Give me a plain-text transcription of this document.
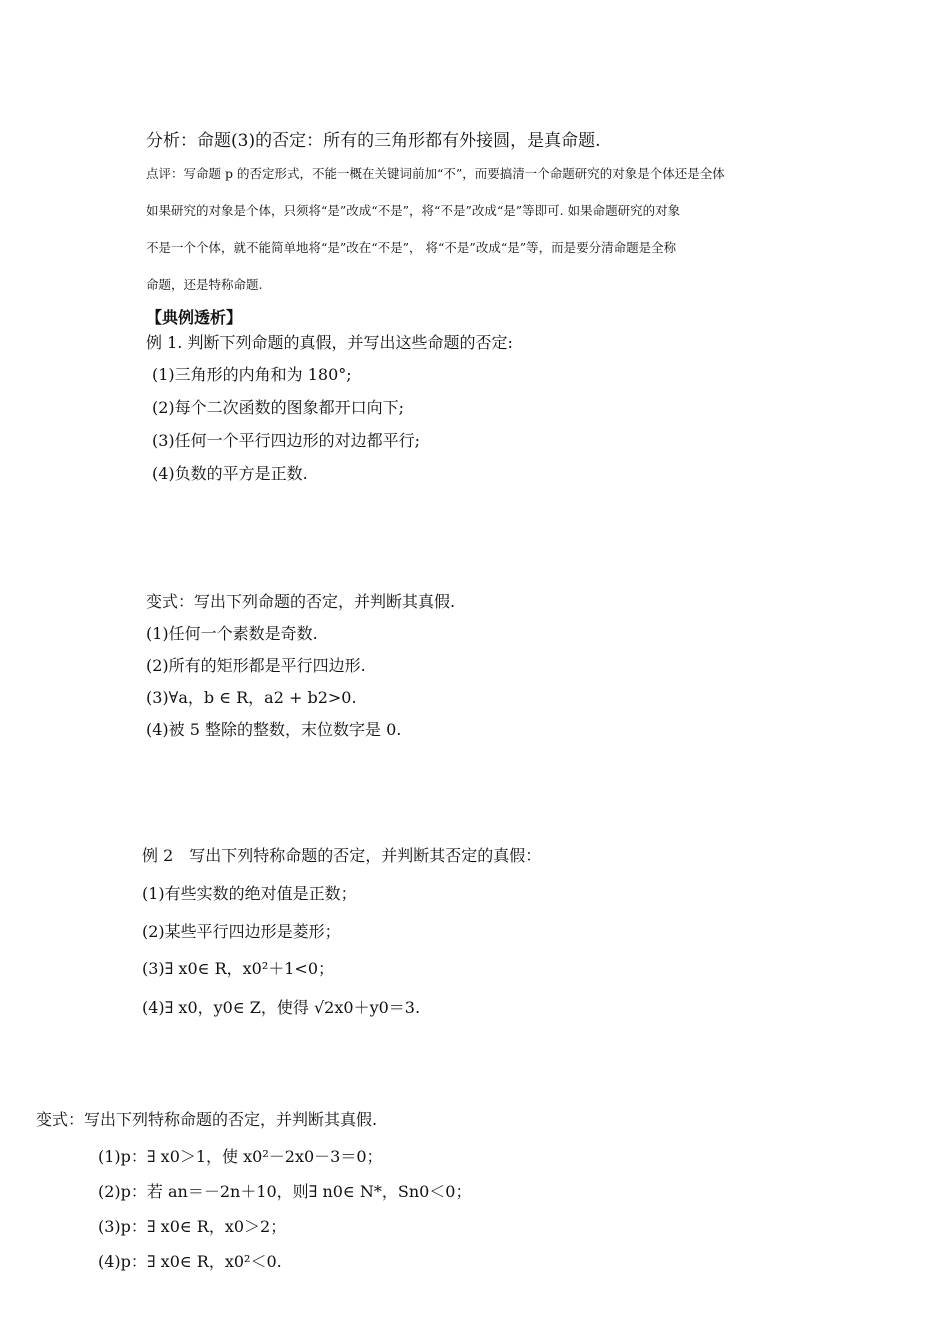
分析：命题(3)的否定：所有的三角形都有外接圆，是真命题.
点评：写命题 p 的否定形式，不能一概在关键词前加“不”，而要搞清一个命题研究的对象是个体还是全体
如果研究的对象是个体，只须将“是”改成“不是”，将“不是”改成“是”等即可. 如果命题研究的对象
不是一个个体，就不能简单地将“是”改在“不是”， 将“不是”改成“是”等，而是要分清命题是全称
命题，还是特称命题.
【典例透析】
例 1. 判断下列命题的真假，并写出这些命题的否定:
(1)三角形的内角和为 180°;
(2)每个二次函数的图象都开口向下;
(3)任何一个平行四边形的对边都平行;
(4)负数的平方是正数.
变式：写出下列命题的否定，并判断其真假.
(1)任何一个素数是奇数.
(2)所有的矩形都是平行四边形.
(3)∀a，b ∈ R，a2 + b2>0.
(4)被 5 整除的整数，末位数字是 0.
例 2　写出下列特称命题的否定，并判断其否定的真假：
(1)有些实数的绝对值是正数；
(2)某些平行四边形是菱形；
(3)∃ x0∈ R，x0²＋1<0；
(4)∃ x0，y0∈ Z，使得 √2x0＋y0＝3.
变式：写出下列特称命题的否定，并判断其真假.
(1)p：∃ x0＞1，使 x0²－2x0－3＝0；
(2)p：若 an＝－2n＋10，则∃ n0∈ N*，Sn0＜0；
(3)p：∃ x0∈ R，x0＞2；
(4)p：∃ x0∈ R，x0²＜0.
